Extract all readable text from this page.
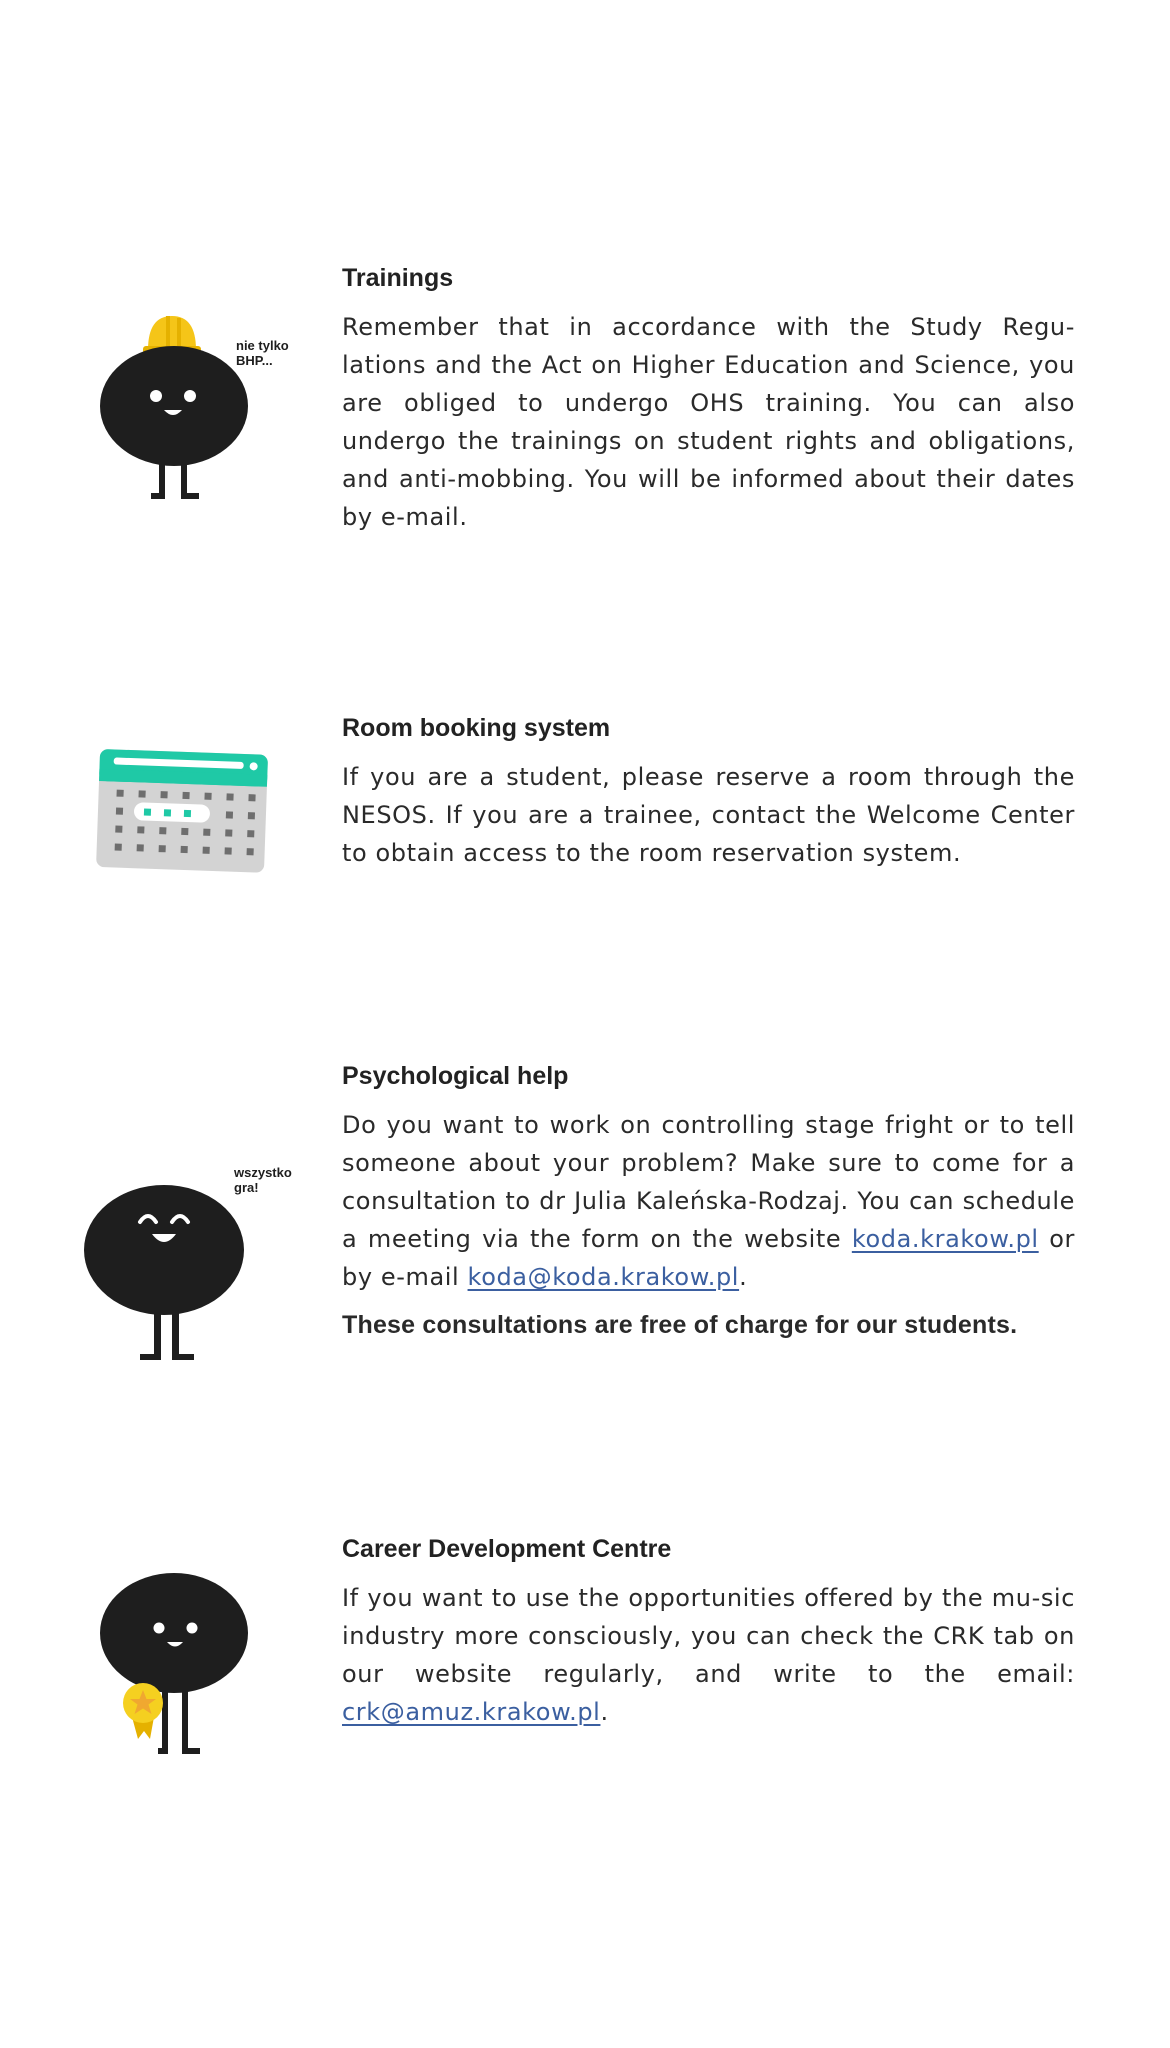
nie tylko
BHP...
Trainings

Remember that in accordance with the Study Regu-lations and the Act on Higher Education and Science, you are obliged to undergo OHS training. You can also undergo the trainings on student rights and obligations, and anti-mobbing. You will be informed about their dates by e-mail.

Room booking system

If you are a student, please reserve a room through the NESOS. If you are a trainee, contact the Welcome Center to obtain access to the room reservation system.

wszystko
gra!
Psychological help

Do you want to work on controlling stage fright or to tell someone about your problem? Make sure to come for a consultation to dr Julia Kaleńska-Rodzaj. You can schedule a meeting via the form on the website koda.krakow.pl or by e-mail koda@koda.krakow.pl.

These consultations are free of charge for our students.

Career Development Centre

If you want to use the opportunities offered by the mu-sic industry more consciously, you can check the CRK tab on our website regularly, and write to the email: crk@amuz.krakow.pl.
